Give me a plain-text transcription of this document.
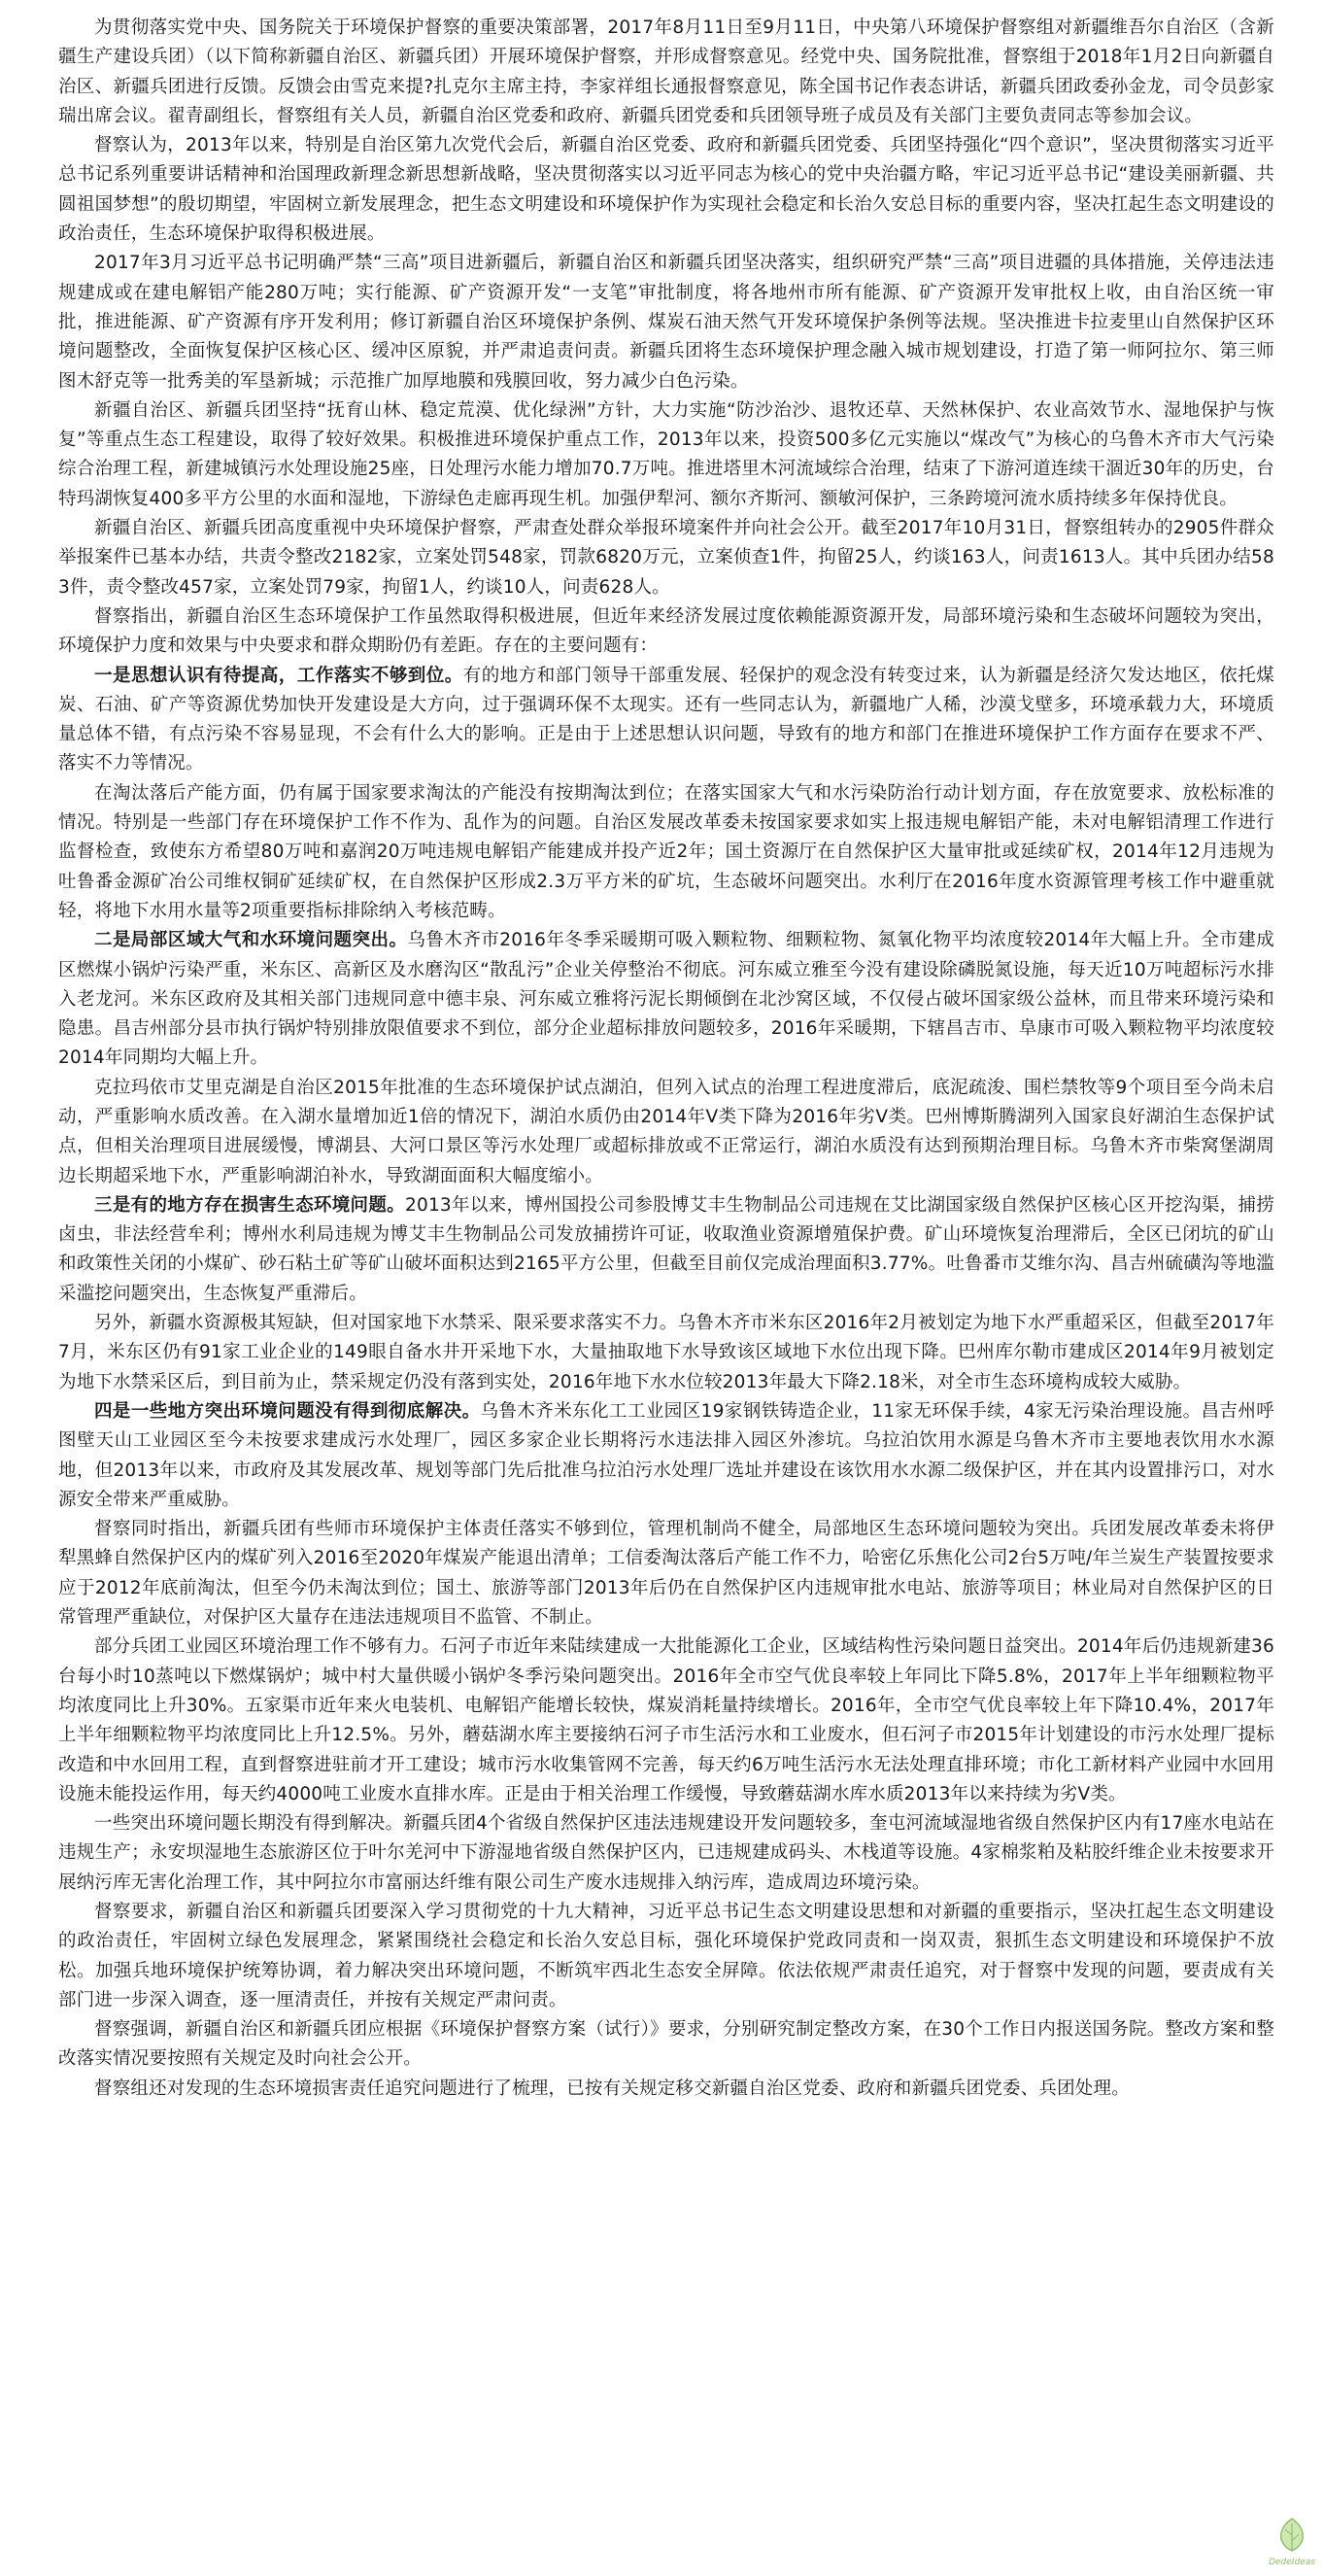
为贯彻落实党中央、国务院关于环境保护督察的重要决策部署，2017年8月11日至9月11日，中央第八环境保护督察组对新疆维吾尔自治区（含新疆生产建设兵团）（以下简称新疆自治区、新疆兵团）开展环境保护督察，并形成督察意见。经党中央、国务院批准，督察组于2018年1月2日向新疆自治区、新疆兵团进行反馈。反馈会由雪克来提?扎克尔主席主持，李家祥组长通报督察意见，陈全国书记作表态讲话，新疆兵团政委孙金龙，司令员彭家瑞出席会议。翟青副组长，督察组有关人员，新疆自治区党委和政府、新疆兵团党委和兵团领导班子成员及有关部门主要负责同志等参加会议。

督察认为，2013年以来，特别是自治区第九次党代会后，新疆自治区党委、政府和新疆兵团党委、兵团坚持强化“四个意识”，坚决贯彻落实习近平总书记系列重要讲话精神和治国理政新理念新思想新战略，坚决贯彻落实以习近平同志为核心的党中央治疆方略，牢记习近平总书记“建设美丽新疆、共圆祖国梦想”的殷切期望，牢固树立新发展理念，把生态文明建设和环境保护作为实现社会稳定和长治久安总目标的重要内容，坚决扛起生态文明建设的政治责任，生态环境保护取得积极进展。

2017年3月习近平总书记明确严禁“三高”项目进新疆后，新疆自治区和新疆兵团坚决落实，组织研究严禁“三高”项目进疆的具体措施，关停违法违规建成或在建电解铝产能280万吨；实行能源、矿产资源开发“一支笔”审批制度，将各地州市所有能源、矿产资源开发审批权上收，由自治区统一审批，推进能源、矿产资源有序开发利用；修订新疆自治区环境保护条例、煤炭石油天然气开发环境保护条例等法规。坚决推进卡拉麦里山自然保护区环境问题整改，全面恢复保护区核心区、缓冲区原貌，并严肃追责问责。新疆兵团将生态环境保护理念融入城市规划建设，打造了第一师阿拉尔、第三师图木舒克等一批秀美的军垦新城；示范推广加厚地膜和残膜回收，努力减少白色污染。

新疆自治区、新疆兵团坚持“抚育山林、稳定荒漠、优化绿洲”方针，大力实施“防沙治沙、退牧还草、天然林保护、农业高效节水、湿地保护与恢复”等重点生态工程建设，取得了较好效果。积极推进环境保护重点工作，2013年以来，投资500多亿元实施以“煤改气”为核心的乌鲁木齐市大气污染综合治理工程，新建城镇污水处理设施25座，日处理污水能力增加70.7万吨。推进塔里木河流域综合治理，结束了下游河道连续干涸近30年的历史，台特玛湖恢复400多平方公里的水面和湿地，下游绿色走廊再现生机。加强伊犁河、额尔齐斯河、额敏河保护，三条跨境河流水质持续多年保持优良。

新疆自治区、新疆兵团高度重视中央环境保护督察，严肃查处群众举报环境案件并向社会公开。截至2017年10月31日，督察组转办的2905件群众举报案件已基本办结，共责令整改2182家，立案处罚548家，罚款6820万元，立案侦查1件，拘留25人，约谈163人，问责1613人。其中兵团办结583件，责令整改457家，立案处罚79家，拘留1人，约谈10人，问责628人。

督察指出，新疆自治区生态环境保护工作虽然取得积极进展，但近年来经济发展过度依赖能源资源开发，局部环境污染和生态破坏问题较为突出，环境保护力度和效果与中央要求和群众期盼仍有差距。存在的主要问题有：

一是思想认识有待提高，工作落实不够到位。有的地方和部门领导干部重发展、轻保护的观念没有转变过来，认为新疆是经济欠发达地区，依托煤炭、石油、矿产等资源优势加快开发建设是大方向，过于强调环保不太现实。还有一些同志认为，新疆地广人稀，沙漠戈壁多，环境承载力大，环境质量总体不错，有点污染不容易显现，不会有什么大的影响。正是由于上述思想认识问题，导致有的地方和部门在推进环境保护工作方面存在要求不严、落实不力等情况。

在淘汰落后产能方面，仍有属于国家要求淘汰的产能没有按期淘汰到位；在落实国家大气和水污染防治行动计划方面，存在放宽要求、放松标准的情况。特别是一些部门存在环境保护工作不作为、乱作为的问题。自治区发展改革委未按国家要求如实上报违规电解铝产能，未对电解铝清理工作进行监督检查，致使东方希望80万吨和嘉润20万吨违规电解铝产能建成并投产近2年；国土资源厅在自然保护区大量审批或延续矿权，2014年12月违规为吐鲁番金源矿冶公司维权铜矿延续矿权，在自然保护区形成2.3万平方米的矿坑，生态破坏问题突出。水利厅在2016年度水资源管理考核工作中避重就轻，将地下水用水量等2项重要指标排除纳入考核范畴。

二是局部区域大气和水环境问题突出。乌鲁木齐市2016年冬季采暖期可吸入颗粒物、细颗粒物、氮氧化物平均浓度较2014年大幅上升。全市建成区燃煤小锅炉污染严重，米东区、高新区及水磨沟区“散乱污”企业关停整治不彻底。河东威立雅至今没有建设除磷脱氮设施，每天近10万吨超标污水排入老龙河。米东区政府及其相关部门违规同意中德丰泉、河东威立雅将污泥长期倾倒在北沙窝区域，不仅侵占破坏国家级公益林，而且带来环境污染和隐患。昌吉州部分县市执行锅炉特别排放限值要求不到位，部分企业超标排放问题较多，2016年采暖期，下辖昌吉市、阜康市可吸入颗粒物平均浓度较2014年同期均大幅上升。

克拉玛依市艾里克湖是自治区2015年批准的生态环境保护试点湖泊，但列入试点的治理工程进度滞后，底泥疏浚、围栏禁牧等9个项目至今尚未启动，严重影响水质改善。在入湖水量增加近1倍的情况下，湖泊水质仍由2014年V类下降为2016年劣V类。巴州博斯腾湖列入国家良好湖泊生态保护试点，但相关治理项目进展缓慢，博湖县、大河口景区等污水处理厂或超标排放或不正常运行，湖泊水质没有达到预期治理目标。乌鲁木齐市柴窝堡湖周边长期超采地下水，严重影响湖泊补水，导致湖面面积大幅度缩小。

三是有的地方存在损害生态环境问题。2013年以来，博州国投公司参股博艾丰生物制品公司违规在艾比湖国家级自然保护区核心区开挖沟渠，捕捞卤虫，非法经营牟利；博州水利局违规为博艾丰生物制品公司发放捕捞许可证，收取渔业资源增殖保护费。矿山环境恢复治理滞后，全区已闭坑的矿山和政策性关闭的小煤矿、砂石粘土矿等矿山破坏面积达到2165平方公里，但截至目前仅完成治理面积3.77%。吐鲁番市艾维尔沟、昌吉州硫磺沟等地滥采滥挖问题突出，生态恢复严重滞后。

另外，新疆水资源极其短缺，但对国家地下水禁采、限采要求落实不力。乌鲁木齐市米东区2016年2月被划定为地下水严重超采区，但截至2017年7月，米东区仍有91家工业企业的149眼自备水井开采地下水，大量抽取地下水导致该区域地下水位出现下降。巴州库尔勒市建成区2014年9月被划定为地下水禁采区后，到目前为止，禁采规定仍没有落到实处，2016年地下水水位较2013年最大下降2.18米，对全市生态环境构成较大威胁。

四是一些地方突出环境问题没有得到彻底解决。乌鲁木齐米东化工工业园区19家钢铁铸造企业，11家无环保手续，4家无污染治理设施。昌吉州呼图壁天山工业园区至今未按要求建成污水处理厂，园区多家企业长期将污水违法排入园区外渗坑。乌拉泊饮用水源是乌鲁木齐市主要地表饮用水水源地，但2013年以来，市政府及其发展改革、规划等部门先后批准乌拉泊污水处理厂选址并建设在该饮用水水源二级保护区，并在其内设置排污口，对水源安全带来严重威胁。

督察同时指出，新疆兵团有些师市环境保护主体责任落实不够到位，管理机制尚不健全，局部地区生态环境问题较为突出。兵团发展改革委未将伊犁黑蜂自然保护区内的煤矿列入2016至2020年煤炭产能退出清单；工信委淘汰落后产能工作不力，哈密亿乐焦化公司2台5万吨/年兰炭生产装置按要求应于2012年底前淘汰，但至今仍未淘汰到位；国土、旅游等部门2013年后仍在自然保护区内违规审批水电站、旅游等项目；林业局对自然保护区的日常管理严重缺位，对保护区大量存在违法违规项目不监管、不制止。

部分兵团工业园区环境治理工作不够有力。石河子市近年来陆续建成一大批能源化工企业，区域结构性污染问题日益突出。2014年后仍违规新建36台每小时10蒸吨以下燃煤锅炉；城中村大量供暖小锅炉冬季污染问题突出。2016年全市空气优良率较上年同比下降5.8%，2017年上半年细颗粒物平均浓度同比上升30%。五家渠市近年来火电装机、电解铝产能增长较快，煤炭消耗量持续增长。2016年，全市空气优良率较上年下降10.4%，2017年上半年细颗粒物平均浓度同比上升12.5%。另外，蘑菇湖水库主要接纳石河子市生活污水和工业废水，但石河子市2015年计划建设的市污水处理厂提标改造和中水回用工程，直到督察进驻前才开工建设；城市污水收集管网不完善，每天约6万吨生活污水无法处理直排环境；市化工新材料产业园中水回用设施未能投运作用，每天约4000吨工业废水直排水库。正是由于相关治理工作缓慢，导致蘑菇湖水库水质2013年以来持续为劣V类。

一些突出环境问题长期没有得到解决。新疆兵团4个省级自然保护区违法违规建设开发问题较多，奎屯河流域湿地省级自然保护区内有17座水电站在违规生产；永安坝湿地生态旅游区位于叶尔羌河中下游湿地省级自然保护区内，已违规建成码头、木栈道等设施。4家棉浆粕及粘胶纤维企业未按要求开展纳污库无害化治理工作，其中阿拉尔市富丽达纤维有限公司生产废水违规排入纳污库，造成周边环境污染。

督察要求，新疆自治区和新疆兵团要深入学习贯彻党的十九大精神，习近平总书记生态文明建设思想和对新疆的重要指示，坚决扛起生态文明建设的政治责任，牢固树立绿色发展理念，紧紧围绕社会稳定和长治久安总目标，强化环境保护党政同责和一岗双责，狠抓生态文明建设和环境保护不放松。加强兵地环境保护统筹协调，着力解决突出环境问题，不断筑牢西北生态安全屏障。依法依规严肃责任追究，对于督察中发现的问题，要责成有关部门进一步深入调查，逐一厘清责任，并按有关规定严肃问责。

督察强调，新疆自治区和新疆兵团应根据《环境保护督察方案（试行）》要求，分别研究制定整改方案，在30个工作日内报送国务院。整改方案和整改落实情况要按照有关规定及时向社会公开。

督察组还对发现的生态环境损害责任追究问题进行了梳理，已按有关规定移交新疆自治区党委、政府和新疆兵团党委、兵团处理。

DedeIdeas
